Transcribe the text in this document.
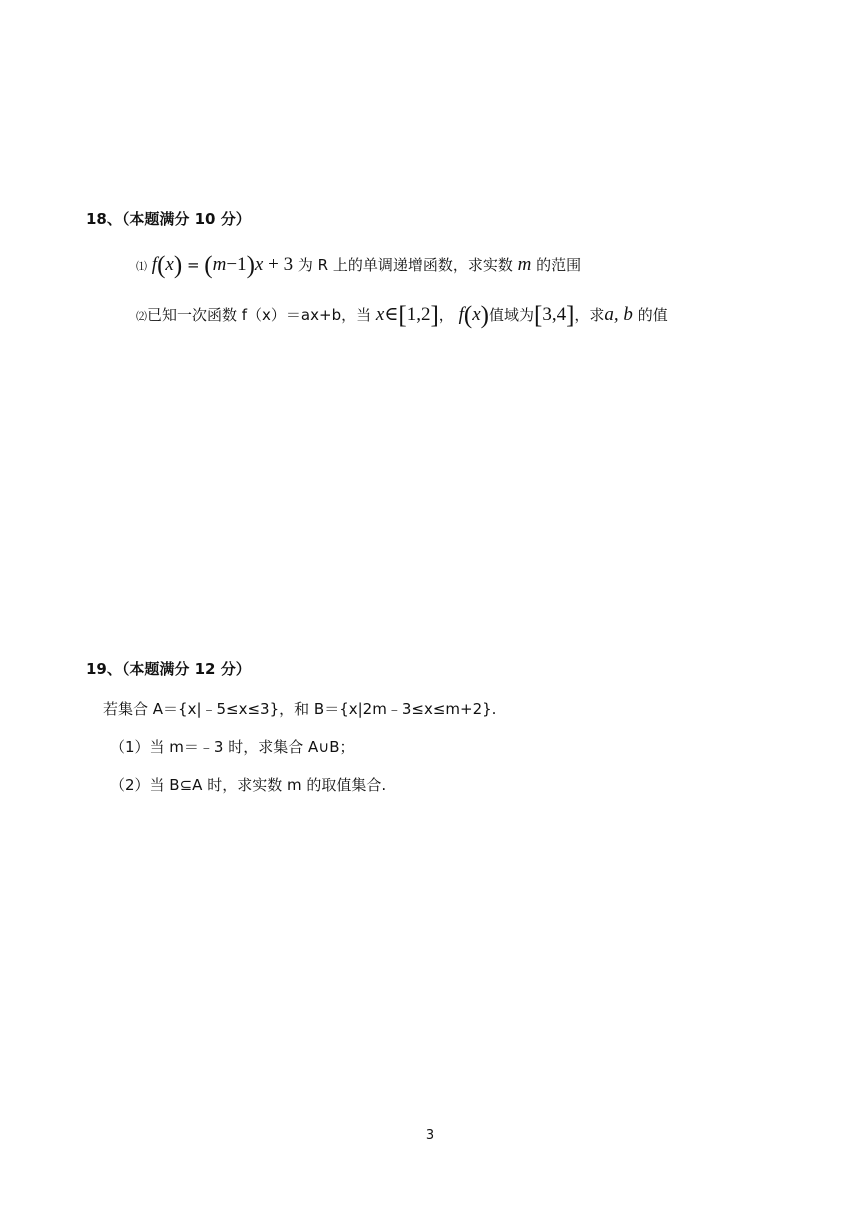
18、（本题满分 10 分）
⑴ f(x) = (m−1)x + 3 为 R 上的单调递增函数，求实数 m 的范围
⑵已知一次函数 f（x）＝ax+b，当 x∈[1,2]， f(x)值域为[3,4]，求a, b 的值
19、（本题满分 12 分）
若集合 A＝{x|﹣5≤x≤3}，和 B＝{x|2m﹣3≤x≤m+2}.
（1）当 m＝﹣3 时，求集合 A∪B；
（2）当 B⊆A 时，求实数 m 的取值集合.
3
